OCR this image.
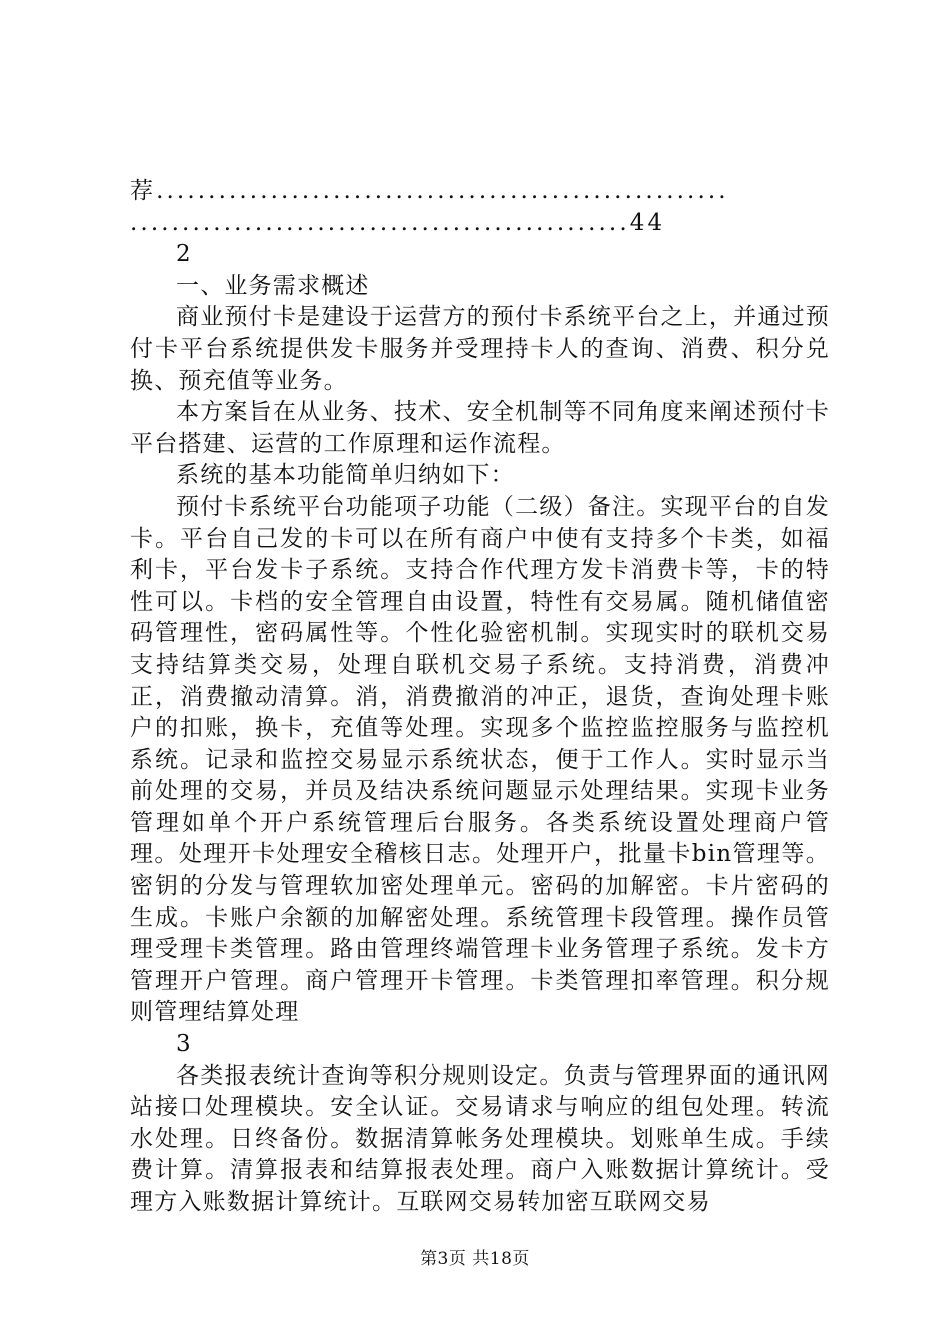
荐.......................................................
................................................44

2

一、业务需求概述

商业预付卡是建设于运营方的预付卡系统平台之上，并通过预付卡平台系统提供发卡服务并受理持卡人的查询、消费、积分兑换、预充值等业务。

本方案旨在从业务、技术、安全机制等不同角度来阐述预付卡平台搭建、运营的工作原理和运作流程。

系统的基本功能简单归纳如下：

预付卡系统平台功能项子功能（二级）备注。实现平台的自发卡。平台自己发的卡可以在所有商户中使有支持多个卡类，如福利卡，平台发卡子系统。支持合作代理方发卡消费卡等，卡的特性可以。卡档的安全管理自由设置，特性有交易属。随机储值密码管理性，密码属性等。个性化验密机制。实现实时的联机交易支持结算类交易，处理自联机交易子系统。支持消费，消费冲正，消费撤动清算。消，消费撤消的冲正，退货，查询处理卡账户的扣账，换卡，充值等处理。实现多个监控监控服务与监控机系统。记录和监控交易显示系统状态，便于工作人。实时显示当前处理的交易，并员及结决系统问题显示处理结果。实现卡业务管理如单个开户系统管理后台服务。各类系统设置处理商户管理。处理开卡处理安全稽核日志。处理开户，批量卡bin管理等。密钥的分发与管理软加密处理单元。密码的加解密。卡片密码的生成。卡账户余额的加解密处理。系统管理卡段管理。操作员管理受理卡类管理。路由管理终端管理卡业务管理子系统。发卡方管理开户管理。商户管理开卡管理。卡类管理扣率管理。积分规则管理结算处理

3

各类报表统计查询等积分规则设定。负责与管理界面的通讯网站接口处理模块。安全认证。交易请求与响应的组包处理。转流水处理。日终备份。数据清算帐务处理模块。划账单生成。手续费计算。清算报表和结算报表处理。商户入账数据计算统计。受理方入账数据计算统计。互联网交易转加密互联网交易

第3页 共18页
